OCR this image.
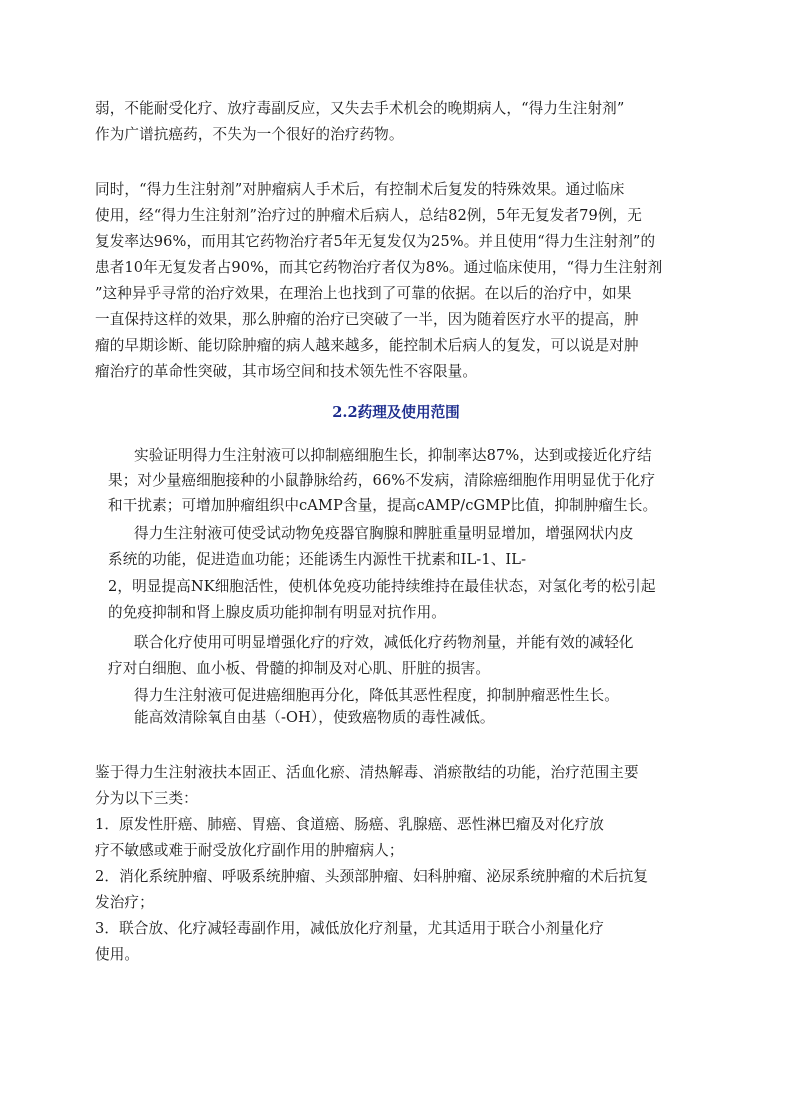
弱，不能耐受化疗、放疗毒副反应，又失去手术机会的晚期病人，“得力生注射剂”

作为广谱抗癌药，不失为一个很好的治疗药物。

同时，“得力生注射剂”对肿瘤病人手术后，有控制术后复发的特殊效果。通过临床

使用，经“得力生注射剂”治疗过的肿瘤术后病人，总结82例，5年无复发者79例，无

复发率达96%，而用其它药物治疗者5年无复发仅为25%。并且使用“得力生注射剂”的

患者10年无复发者占90%，而其它药物治疗者仅为8%。通过临床使用，“得力生注射剂

”这种异乎寻常的治疗效果，在理治上也找到了可靠的依据。在以后的治疗中，如果

一直保持这样的效果，那么肿瘤的治疗已突破了一半，因为随着医疗水平的提高，肿

瘤的早期诊断、能切除肿瘤的病人越来越多，能控制术后病人的复发，可以说是对肿

瘤治疗的革命性突破，其市场空间和技术领先性不容限量。

2.2药理及使用范围

实验证明得力生注射液可以抑制癌细胞生长，抑制率达87%，达到或接近化疗结

果；对少量癌细胞接种的小鼠静脉给药，66%不发病，清除癌细胞作用明显优于化疗

和干扰素；可增加肿瘤组织中cAMP含量，提高cAMP/cGMP比值，抑制肿瘤生长。

得力生注射液可使受试动物免疫器官胸腺和脾脏重量明显增加，增强网状内皮

系统的功能，促进造血功能；还能诱生内源性干扰素和IL-1、IL-

2，明显提高NK细胞活性，使机体免疫功能持续维持在最佳状态，对氢化考的松引起

的免疫抑制和肾上腺皮质功能抑制有明显对抗作用。

联合化疗使用可明显增强化疗的疗效，减低化疗药物剂量，并能有效的减轻化

疗对白细胞、血小板、骨髓的抑制及对心肌、肝脏的损害。

得力生注射液可促进癌细胞再分化，降低其恶性程度，抑制肿瘤恶性生长。

能高效清除氧自由基（-OH），使致癌物质的毒性减低。

鉴于得力生注射液扶本固正、活血化瘀、清热解毒、消瘀散结的功能，治疗范围主要

分为以下三类：

1．原发性肝癌、肺癌、胃癌、食道癌、肠癌、乳腺癌、恶性淋巴瘤及对化疗放

疗不敏感或难于耐受放化疗副作用的肿瘤病人；

2．消化系统肿瘤、呼吸系统肿瘤、头颈部肿瘤、妇科肿瘤、泌尿系统肿瘤的术后抗复

发治疗；

3．联合放、化疗减轻毒副作用，减低放化疗剂量，尤其适用于联合小剂量化疗

使用。
